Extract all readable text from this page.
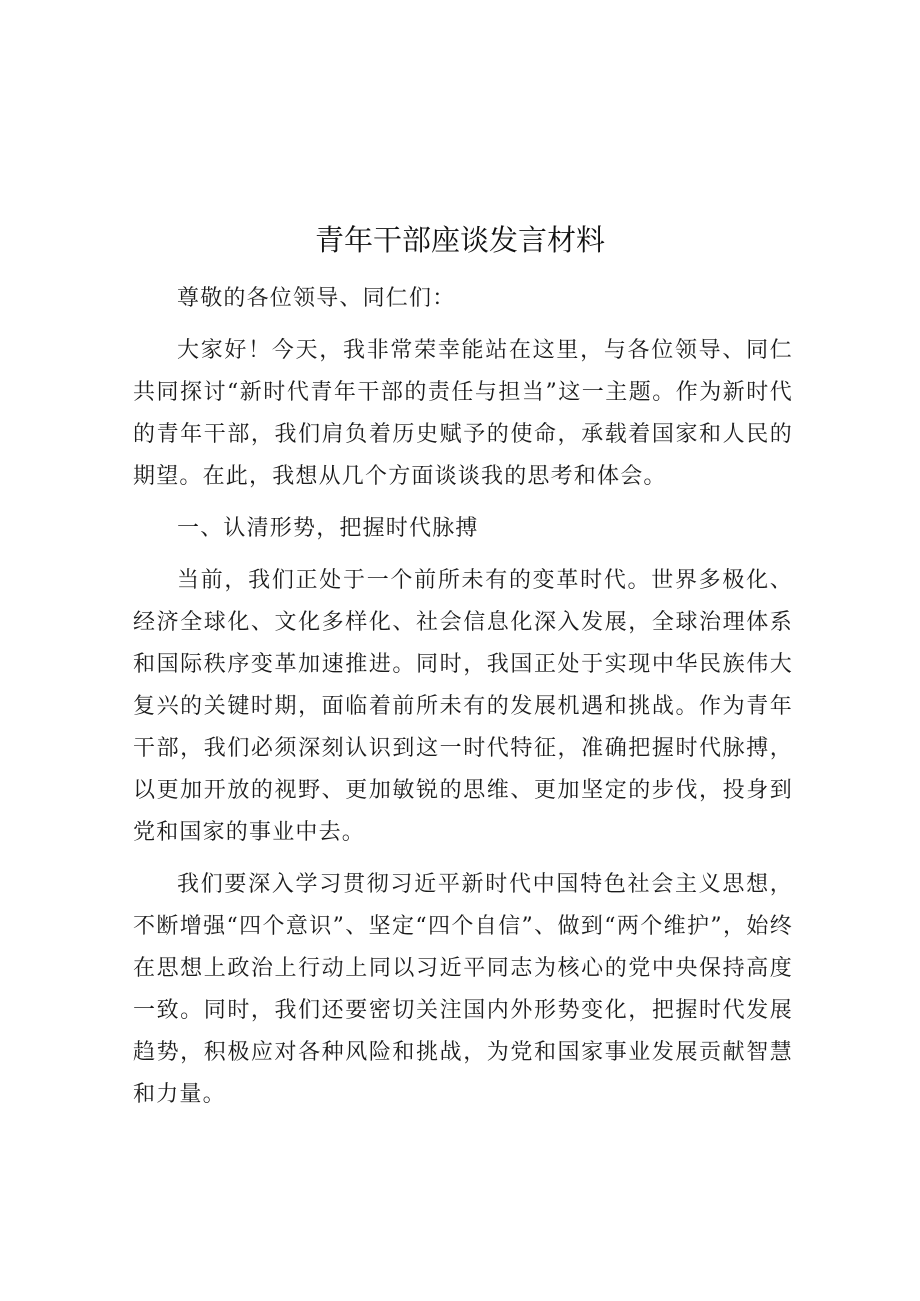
青年干部座谈发言材料

尊敬的各位领导、同仁们：

大家好！今天，我非常荣幸能站在这里，与各位领导、同仁共同探讨“新时代青年干部的责任与担当”这一主题。作为新时代的青年干部，我们肩负着历史赋予的使命，承载着国家和人民的期望。在此，我想从几个方面谈谈我的思考和体会。

一、认清形势，把握时代脉搏

当前，我们正处于一个前所未有的变革时代。世界多极化、经济全球化、文化多样化、社会信息化深入发展，全球治理体系和国际秩序变革加速推进。同时，我国正处于实现中华民族伟大复兴的关键时期，面临着前所未有的发展机遇和挑战。作为青年干部，我们必须深刻认识到这一时代特征，准确把握时代脉搏，以更加开放的视野、更加敏锐的思维、更加坚定的步伐，投身到党和国家的事业中去。

我们要深入学习贯彻习近平新时代中国特色社会主义思想，不断增强“四个意识”、坚定“四个自信”、做到“两个维护”，始终在思想上政治上行动上同以习近平同志为核心的党中央保持高度一致。同时，我们还要密切关注国内外形势变化，把握时代发展趋势，积极应对各种风险和挑战，为党和国家事业发展贡献智慧和力量。
